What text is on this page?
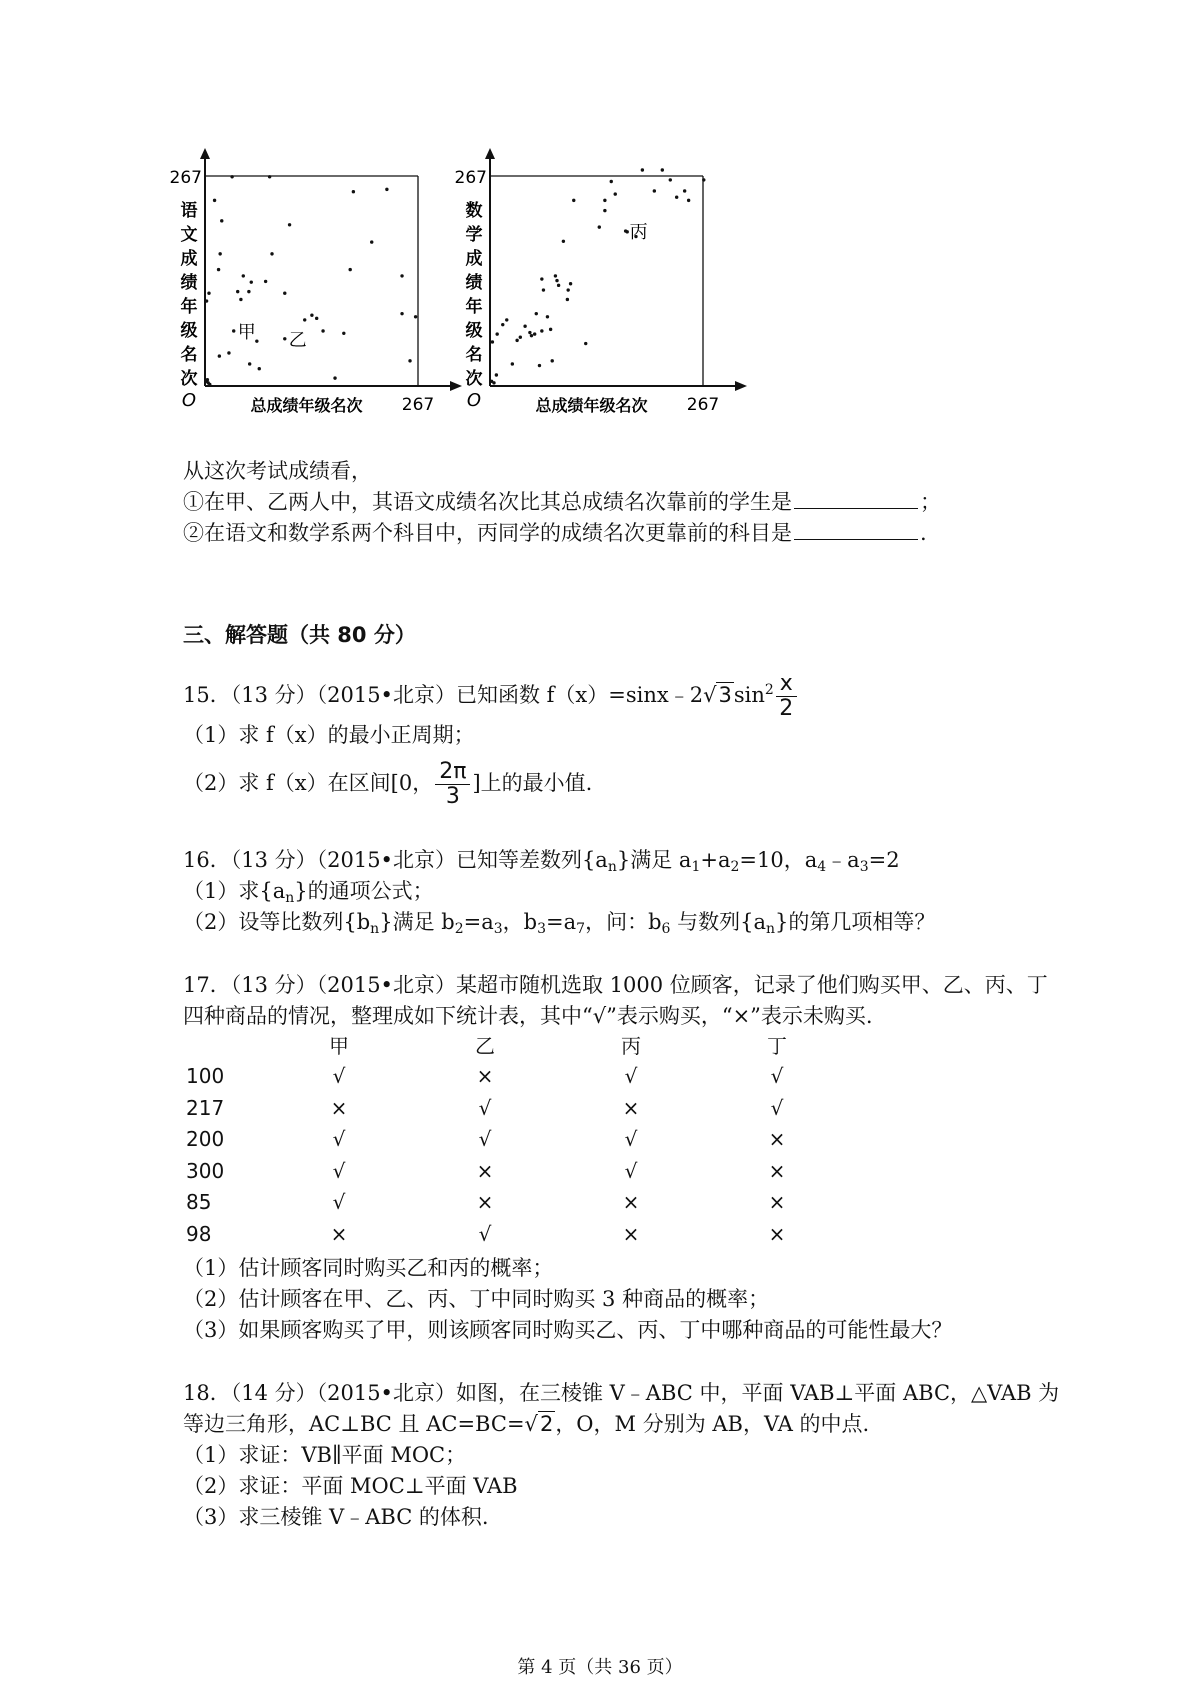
267
267
O
语
文
成
绩
年
级
名
次
总成绩年级名次
甲 乙
267
267
O
数
学
成
绩
年
级
名
次
总成绩年级名次
丙
从这次考试成绩看，
①在甲、乙两人中，其语文成绩名次比其总成绩名次靠前的学生是	；
②在语文和数学系两个科目中，丙同学的成绩名次更靠前的科目是	.
三、解答题（共 80 分）
15．（13 分）（2015•北京）已知函数 $f(x)=\sin x﹣2√3\sin^2 \frac{x}{2}$
（1）求 f（x）的最小正周期；
（2）求 f（x）在区间[0， $\frac{2\pi}{3}$ ]上的最小值.
16．（13 分）（2015•北京）已知等差数列$\{a_n\}$满足 $a_1+a_2=10$，$a_4﹣a_3=2$
（1）求$\{a_n\}$的通项公式；
（2）设等比数列$\{b_n\}$满足 $b_2=a_3$，$b_3=a_7$，问：$b_6$ 与数列$\{a_n\}$的第几项相等？
17．（13 分）（2015•北京）某超市随机选取 1000 位顾客，记录了他们购买甲、乙、丙、丁
四种商品的情况，整理成如下统计表，其中“√”表示购买，“×”表示未购买.
	甲	乙	丙	丁
100	√	×	√	√
217	×	√	×	√
200	√	√	√	×
300	√	×	√	×
85	√	×	×	×
98	×	√	×	×
（1）估计顾客同时购买乙和丙的概率；
（2）估计顾客在甲、乙、丙、丁中同时购买 3 种商品的概率；
（3）如果顾客购买了甲，则该顾客同时购买乙、丙、丁中哪种商品的可能性最大？
18．（14 分）（2015•北京）如图，在三棱锥 V﹣ABC 中，平面 VAB⊥平面 ABC，△VAB 为
等边三角形，AC⊥BC 且 AC=BC=√2，O，M 分别为 AB，VA 的中点.
（1）求证：VB∥平面 MOC；
（2）求证：平面 MOC⊥平面 VAB
（3）求三棱锥 V﹣ABC 的体积.
第 4 页（共 36 页）
